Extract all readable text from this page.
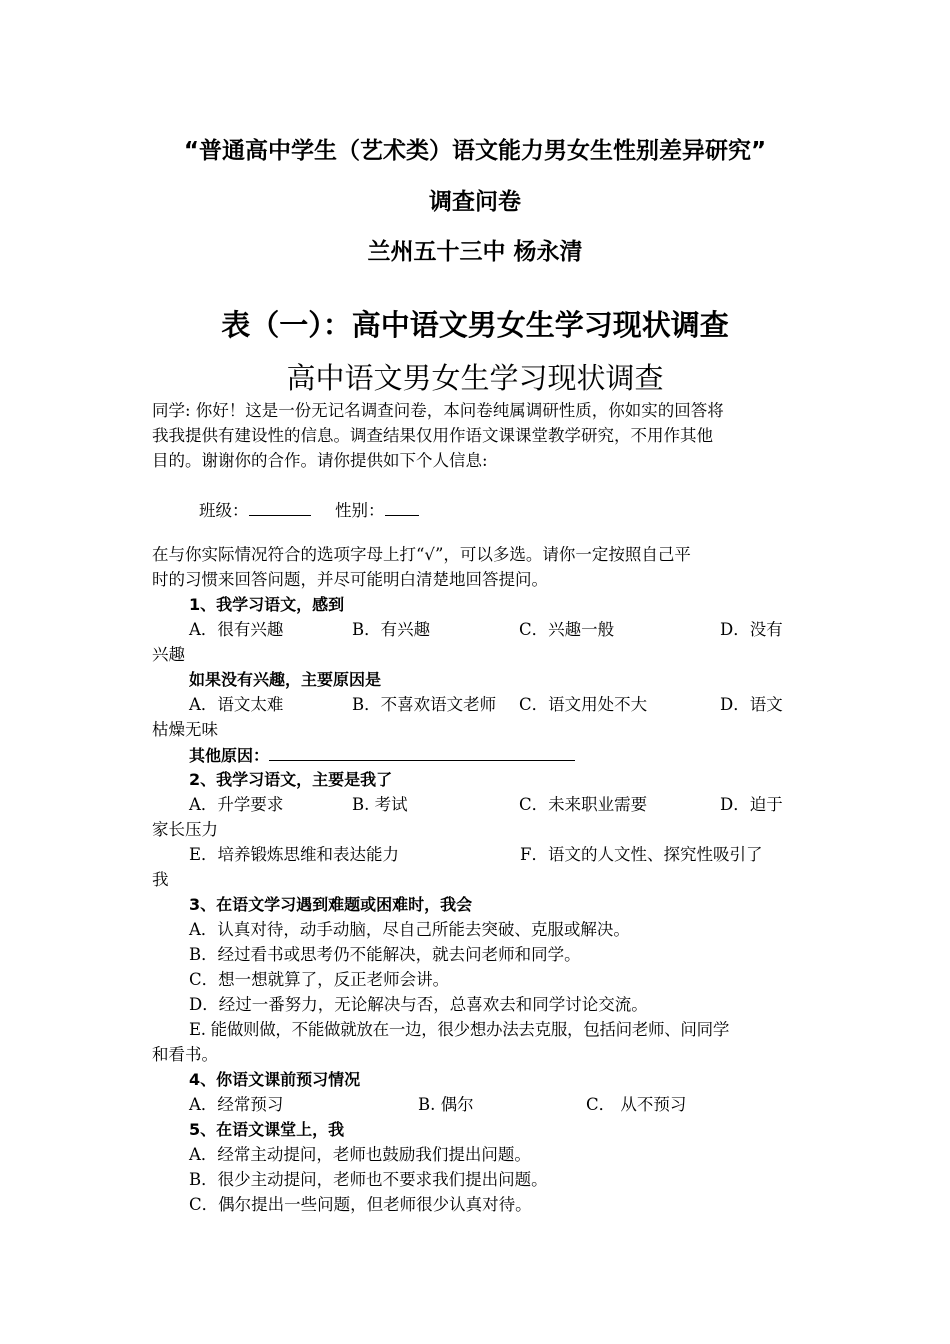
“普通高中学生（艺术类）语文能力男女生性别差异研究”
调查问卷
兰州五十三中 杨永清
表（一）：高中语文男女生学习现状调查
高中语文男女生学习现状调查
同学: 你好！这是一份无记名调查问卷，本问卷纯属调研性质，你如实的回答将
我我提供有建设性的信息。调查结果仅用作语文课课堂教学研究，不用作其他
目的。谢谢你的合作。请你提供如下个人信息:
班级：	性别：
在与你实际情况符合的选项字母上打“√”，可以多选。请你一定按照自己平
时的习惯来回答问题，并尽可能明白清楚地回答提问。
1、我学习语文，感到
A．很有兴趣	B．有兴趣	C．兴趣一般	D．没有
兴趣
如果没有兴趣，主要原因是
A．语文太难	B．不喜欢语文老师 C．语文用处不大	D．语文
枯燥无味
其他原因：
2、我学习语文，主要是我了
A．升学要求	B. 考试	C．未来职业需要	D．迫于
家长压力
E．培养锻炼思维和表达能力	F．语文的人文性、探究性吸引了
我
3、在语文学习遇到难题或困难时，我会
A．认真对待，动手动脑，尽自己所能去突破、克服或解决。
B．经过看书或思考仍不能解决，就去问老师和同学。
C．想一想就算了，反正老师会讲。
D．经过一番努力，无论解决与否，总喜欢去和同学讨论交流。
E. 能做则做，不能做就放在一边，很少想办法去克服，包括问老师、问同学
和看书。
4、你语文课前预习情况
A．经常预习	B. 偶尔	C． 从不预习
5、在语文课堂上，我
A．经常主动提问，老师也鼓励我们提出问题。
B．很少主动提问，老师也不要求我们提出问题。
C．偶尔提出一些问题，但老师很少认真对待。
